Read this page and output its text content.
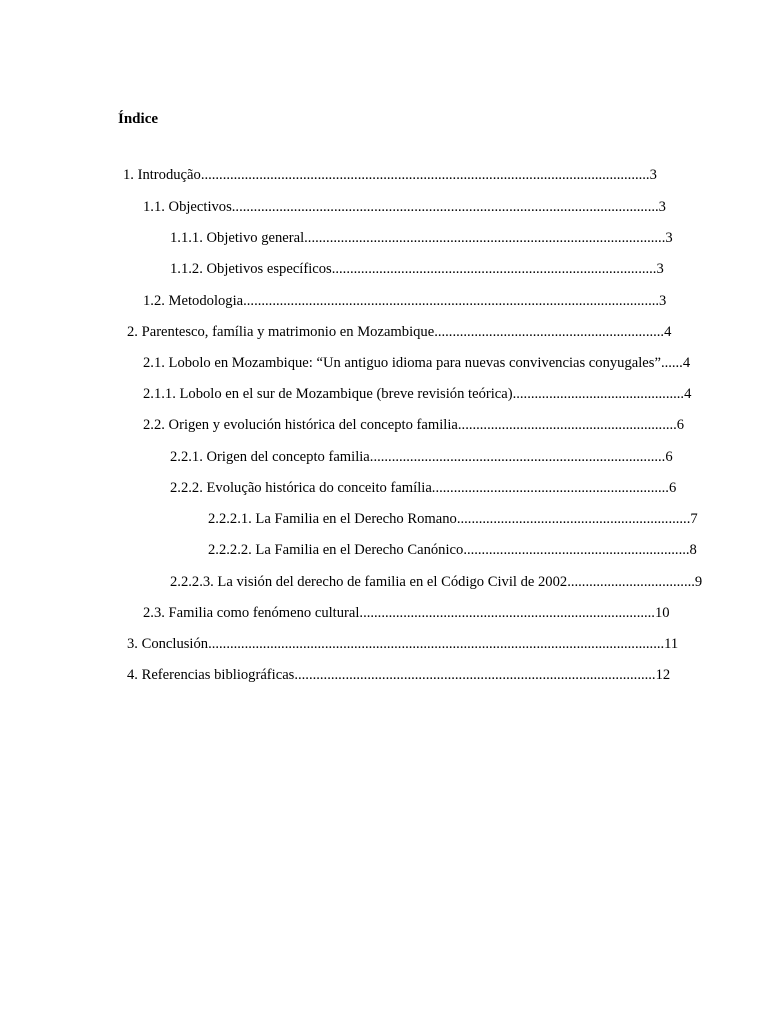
Índice
1. Introdução...........................................................................................................................3
1.1. Objectivos.....................................................................................................................3
1.1.1. Objetivo general...................................................................................................3
1.1.2. Objetivos específicos.........................................................................................3
1.2. Metodologia..................................................................................................................3
2. Parentesco, família y matrimonio en Mozambique...............................................................4
2.1. Lobolo en Mozambique: “Un antiguo idioma para nuevas convivencias conyugales”......4
2.1.1. Lobolo en el sur de Mozambique (breve revisión teórica)...............................................4
2.2. Origen y evolución histórica del concepto familia............................................................6
2.2.1. Origen del concepto familia.................................................................................6
2.2.2. Evolução histórica do conceito família.................................................................6
2.2.2.1. La Familia en el Derecho Romano................................................................7
2.2.2.2. La Familia en el Derecho Canónico..............................................................8
2.2.2.3. La visión del derecho de familia en el Código Civil de 2002...................................9
2.3. Familia como fenómeno cultural.................................................................................10
3. Conclusión.............................................................................................................................11
4. Referencias bibliográficas...................................................................................................12
